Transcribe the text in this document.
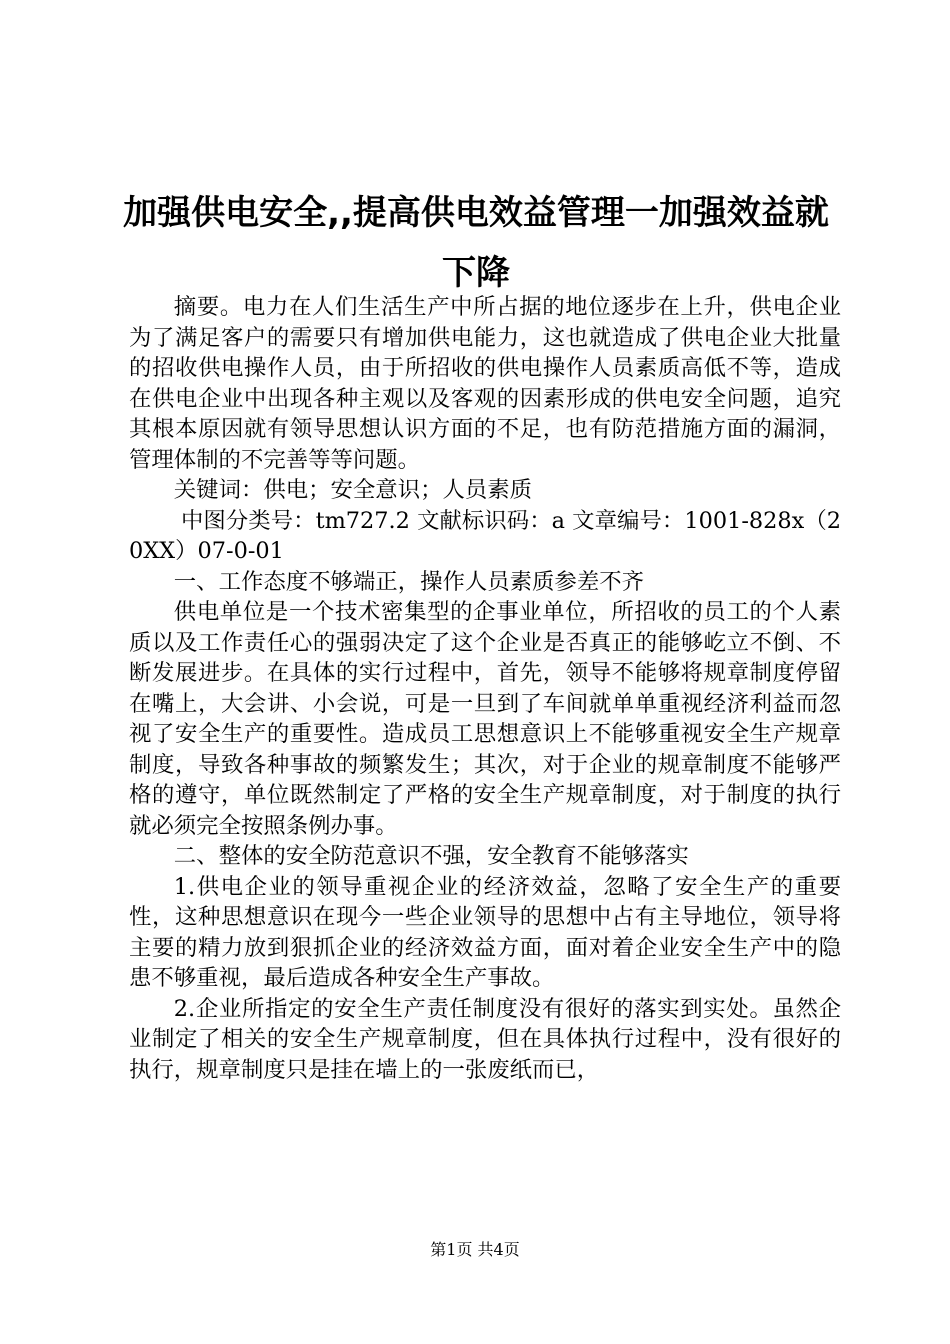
加强供电安全,,提高供电效益管理一加强效益就下降

摘要。电力在人们生活生产中所占据的地位逐步在上升，供电企业为了满足客户的需要只有增加供电能力，这也就造成了供电企业大批量的招收供电操作人员，由于所招收的供电操作人员素质高低不等，造成在供电企业中出现各种主观以及客观的因素形成的供电安全问题，追究其根本原因就有领导思想认识方面的不足，也有防范措施方面的漏洞，管理体制的不完善等等问题。

关键词：供电；安全意识；人员素质

中图分类号：tm727.2 文献标识码：a 文章编号：1001-828x（20XX）07-0-01

一、工作态度不够端正，操作人员素质参差不齐

供电单位是一个技术密集型的企事业单位，所招收的员工的个人素质以及工作责任心的强弱决定了这个企业是否真正的能够屹立不倒、不断发展进步。在具体的实行过程中，首先，领导不能够将规章制度停留在嘴上，大会讲、小会说，可是一旦到了车间就单单重视经济利益而忽视了安全生产的重要性。造成员工思想意识上不能够重视安全生产规章制度，导致各种事故的频繁发生；其次，对于企业的规章制度不能够严格的遵守，单位既然制定了严格的安全生产规章制度，对于制度的执行就必须完全按照条例办事。

二、整体的安全防范意识不强，安全教育不能够落实

1.供电企业的领导重视企业的经济效益，忽略了安全生产的重要性，这种思想意识在现今一些企业领导的思想中占有主导地位，领导将主要的精力放到狠抓企业的经济效益方面，面对着企业安全生产中的隐患不够重视，最后造成各种安全生产事故。

2.企业所指定的安全生产责任制度没有很好的落实到实处。虽然企业制定了相关的安全生产规章制度，但在具体执行过程中，没有很好的执行，规章制度只是挂在墙上的一张废纸而已，

第1页 共4页
